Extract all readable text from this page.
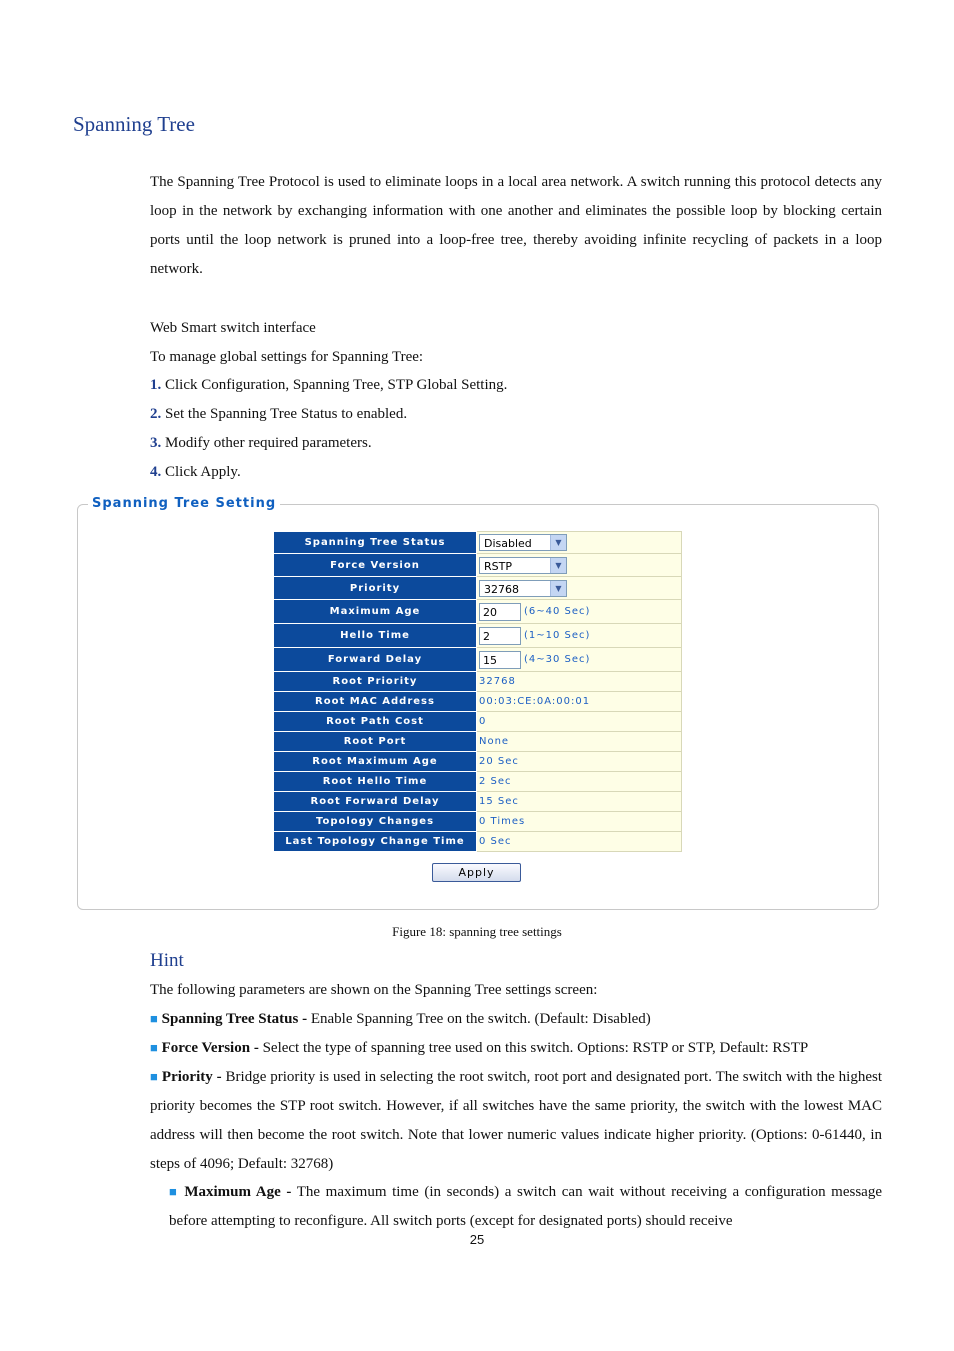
Spanning Tree
The Spanning Tree Protocol is used to eliminate loops in a local area network. A switch running this protocol detects any loop in the network by exchanging information with one another and eliminates the possible loop by blocking certain ports until the loop network is pruned into a loop-free tree, thereby avoiding infinite recycling of packets in a loop network.
Web Smart switch interface
To manage global settings for Spanning Tree:
1. Click Configuration, Spanning Tree, STP Global Setting.
2. Set the Spanning Tree Status to enabled.
3. Modify other required parameters.
4. Click Apply.
Spanning Tree Setting
Spanning Tree Status	Disabled ▼

Force Version	RSTP ▼

Priority	32768 ▼

Maximum Age	20 (6~40 Sec)
Hello Time	2 (1~10 Sec)
Forward Delay	15 (4~30 Sec)
Root Priority	32768
Root MAC Address	00:03:CE:0A:00:01
Root Path Cost	0
Root Port	None
Root Maximum Age	20 Sec
Root Hello Time	2 Sec
Root Forward Delay	15 Sec
Topology Changes	0 Times
Last Topology Change Time	0 Sec
Apply
Figure 18: spanning tree settings
Hint
The following parameters are shown on the Spanning Tree settings screen:
■ Spanning Tree Status - Enable Spanning Tree on the switch. (Default: Disabled)
■ Force Version - Select the type of spanning tree used on this switch. Options: RSTP or STP, Default: RSTP
■ Priority - Bridge priority is used in selecting the root switch, root port and designated port. The switch with the highest priority becomes the STP root switch. However, if all switches have the same priority, the switch with the lowest MAC address will then become the root switch. Note that lower numeric values indicate higher priority. (Options: 0-61440, in steps of 4096; Default: 32768)
■ Maximum Age - The maximum time (in seconds) a switch can wait without receiving a configuration message before attempting to reconfigure. All switch ports (except for designated ports) should receive
25
